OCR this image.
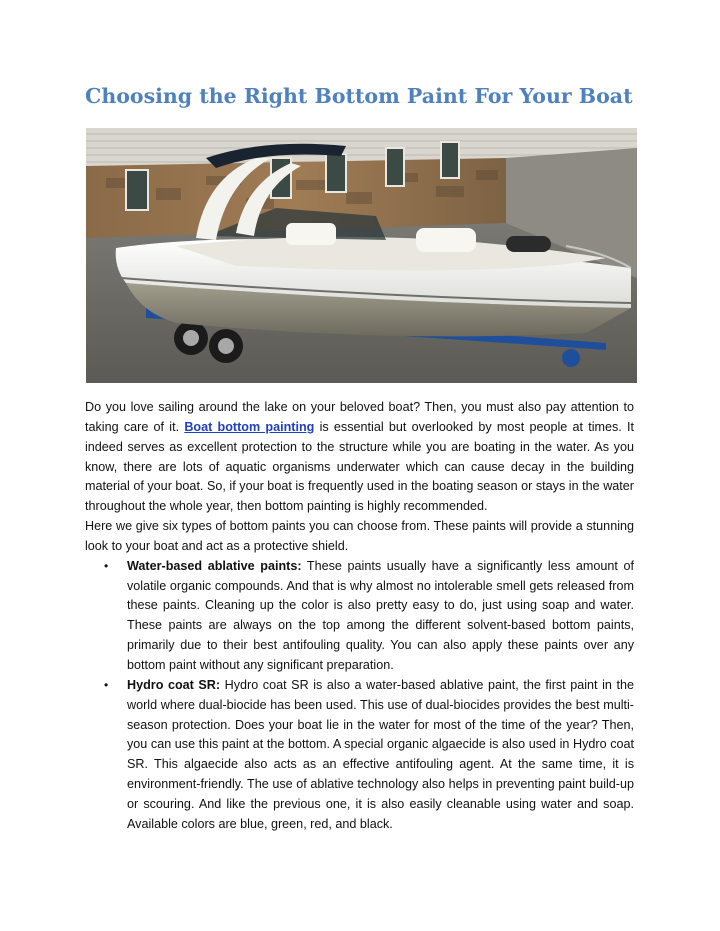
Choosing the Right Bottom Paint For Your Boat

Do you love sailing around the lake on your beloved boat? Then, you must also pay attention to taking care of it. Boat bottom painting is essential but overlooked by most people at times. It indeed serves as excellent protection to the structure while you are boating in the water. As you know, there are lots of aquatic organisms underwater which can cause decay in the building material of your boat. So, if your boat is frequently used in the boating season or stays in the water throughout the whole year, then bottom painting is highly recommended.

Here we give six types of bottom paints you can choose from. These paints will provide a stunning look to your boat and act as a protective shield.

• Water-based ablative paints: These paints usually have a significantly less amount of volatile organic compounds. And that is why almost no intolerable smell gets released from these paints. Cleaning up the color is also pretty easy to do, just using soap and water. These paints are always on the top among the different solvent-based bottom paints, primarily due to their best antifouling quality. You can also apply these paints over any bottom paint without any significant preparation.
• Hydro coat SR: Hydro coat SR is also a water-based ablative paint, the first paint in the world where dual-biocide has been used. This use of dual-biocides provides the best multi-season protection. Does your boat lie in the water for most of the time of the year? Then, you can use this paint at the bottom. A special organic algaecide is also used in Hydro coat SR. This algaecide also acts as an effective antifouling agent. At the same time, it is environment-friendly. The use of ablative technology also helps in preventing paint build-up or scouring. And like the previous one, it is also easily cleanable using water and soap. Available colors are blue, green, red, and black.
